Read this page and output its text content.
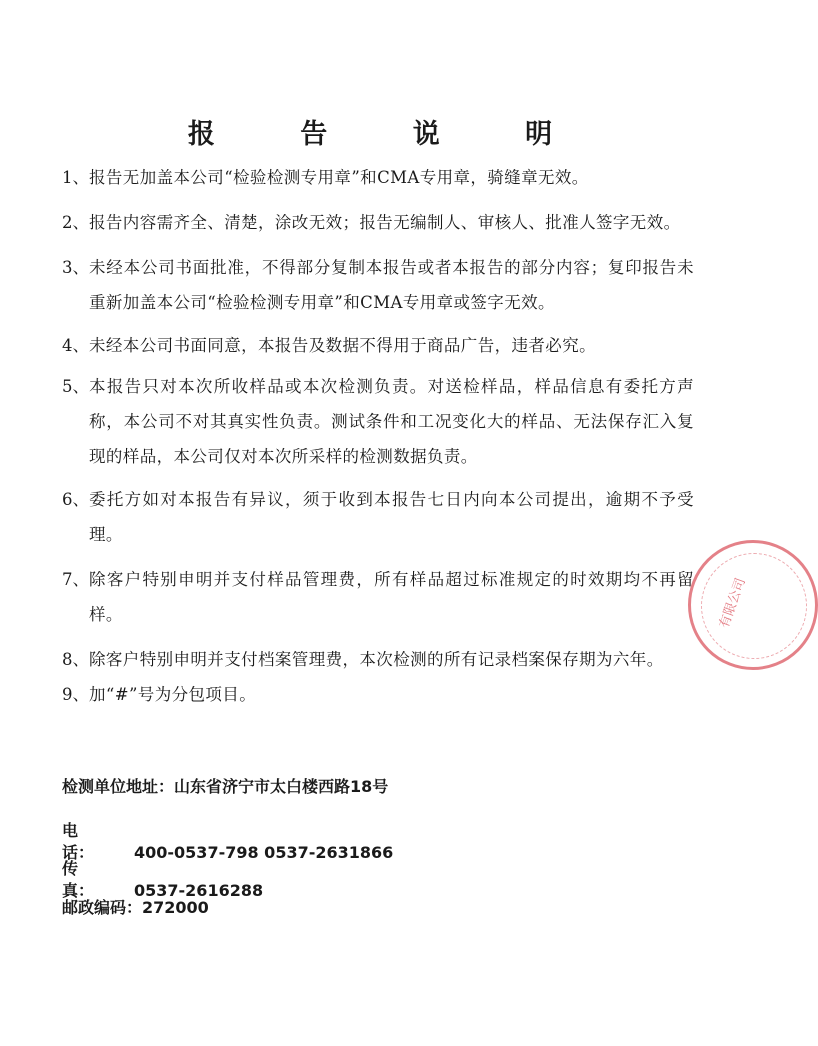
报 告 说 明

1、 报告无加盖本公司“检验检测专用章”和CMA专用章，骑缝章无效。

2、 报告内容需齐全、清楚，涂改无效；报告无编制人、审核人、批准人签字无效。

3、 未经本公司书面批准，不得部分复制本报告或者本报告的部分内容；复印报告未重新加盖本公司“检验检测专用章”和CMA专用章或签字无效。

4、 未经本公司书面同意，本报告及数据不得用于商品广告，违者必究。

5、 本报告只对本次所收样品或本次检测负责。对送检样品，样品信息有委托方声称，本公司不对其真实性负责。测试条件和工况变化大的样品、无法保存汇入复现的样品，本公司仅对本次所采样的检测数据负责。

6、 委托方如对本报告有异议，须于收到本报告七日内向本公司提出，逾期不予受理。

7、 除客户特别申明并支付样品管理费，所有样品超过标准规定的时效期均不再留样。

8、 除客户特别申明并支付档案管理费，本次检测的所有记录档案保存期为六年。

9、 加“#”号为分包项目。

检测单位地址：山东省济宁市太白楼西路18号
电话： 400-0537-798 0537-2631866
传真： 0537-2616288
邮政编码：272000
有限公司
